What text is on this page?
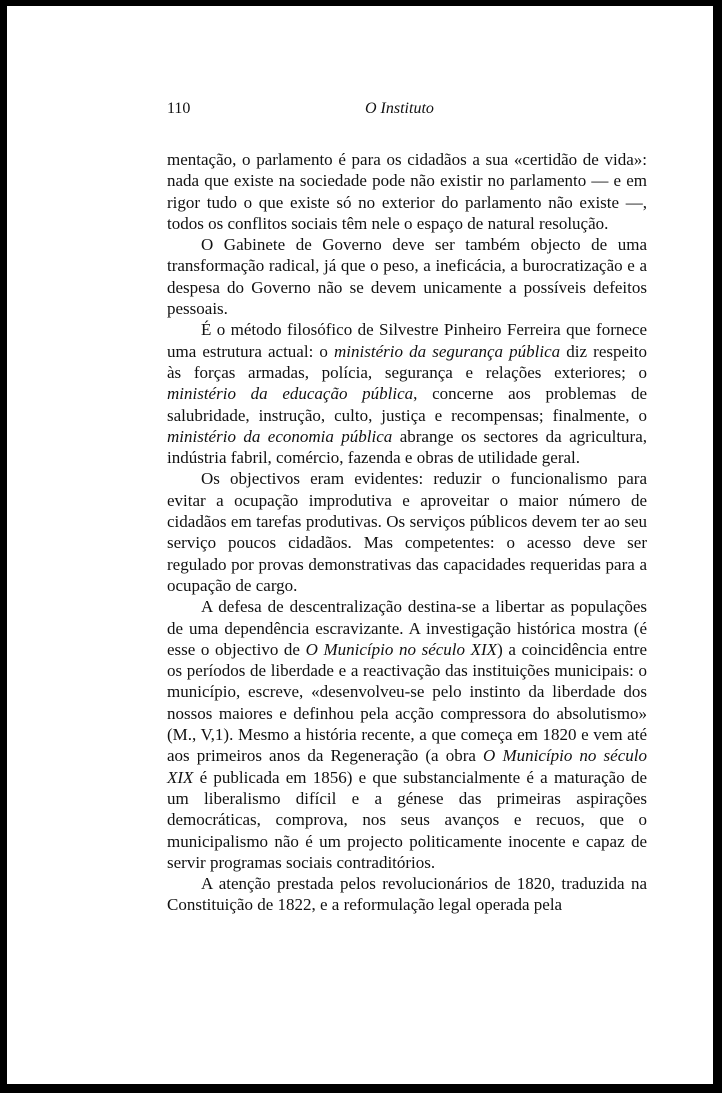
110	O Instituto

mentação, o parlamento é para os cidadãos a sua «certidão de vida»: nada que existe na sociedade pode não existir no parlamento — e em rigor tudo o que existe só no exterior do parlamento não existe —, todos os conflitos sociais têm nele o espaço de natural resolução.

O Gabinete de Governo deve ser também objecto de uma transformação radical, já que o peso, a ineficácia, a burocratização e a despesa do Governo não se devem unicamente a possíveis defeitos pessoais.

É o método filosófico de Silvestre Pinheiro Ferreira que fornece uma estrutura actual: o ministério da segurança pública diz respeito às forças armadas, polícia, segurança e relações exteriores; o ministério da educação pública, concerne aos problemas de salubridade, instrução, culto, justiça e recompensas; finalmente, o ministério da economia pública abrange os sectores da agricultura, indústria fabril, comércio, fazenda e obras de utilidade geral.

Os objectivos eram evidentes: reduzir o funcionalismo para evitar a ocupação improdutiva e aproveitar o maior número de cidadãos em tarefas produtivas. Os serviços públicos devem ter ao seu serviço poucos cidadãos. Mas competentes: o acesso deve ser regulado por provas demonstrativas das capacidades requeridas para a ocupação de cargo.

A defesa de descentralização destina-se a libertar as populações de uma dependência escravizante. A investigação histórica mostra (é esse o objectivo de O Município no século XIX) a coincidência entre os períodos de liberdade e a reactivação das instituições municipais: o município, escreve, «desenvolveu-se pelo instinto da liberdade dos nossos maiores e definhou pela acção compressora do absolutismo» (M., V,1). Mesmo a história recente, a que começa em 1820 e vem até aos primeiros anos da Regeneração (a obra O Município no século XIX é publicada em 1856) e que substancialmente é a maturação de um liberalismo difícil e a génese das primeiras aspirações democráticas, comprova, nos seus avanços e recuos, que o municipalismo não é um projecto politicamente inocente e capaz de servir programas sociais contraditórios.

A atenção prestada pelos revolucionários de 1820, traduzida na Constituição de 1822, e a reformulação legal operada pela
